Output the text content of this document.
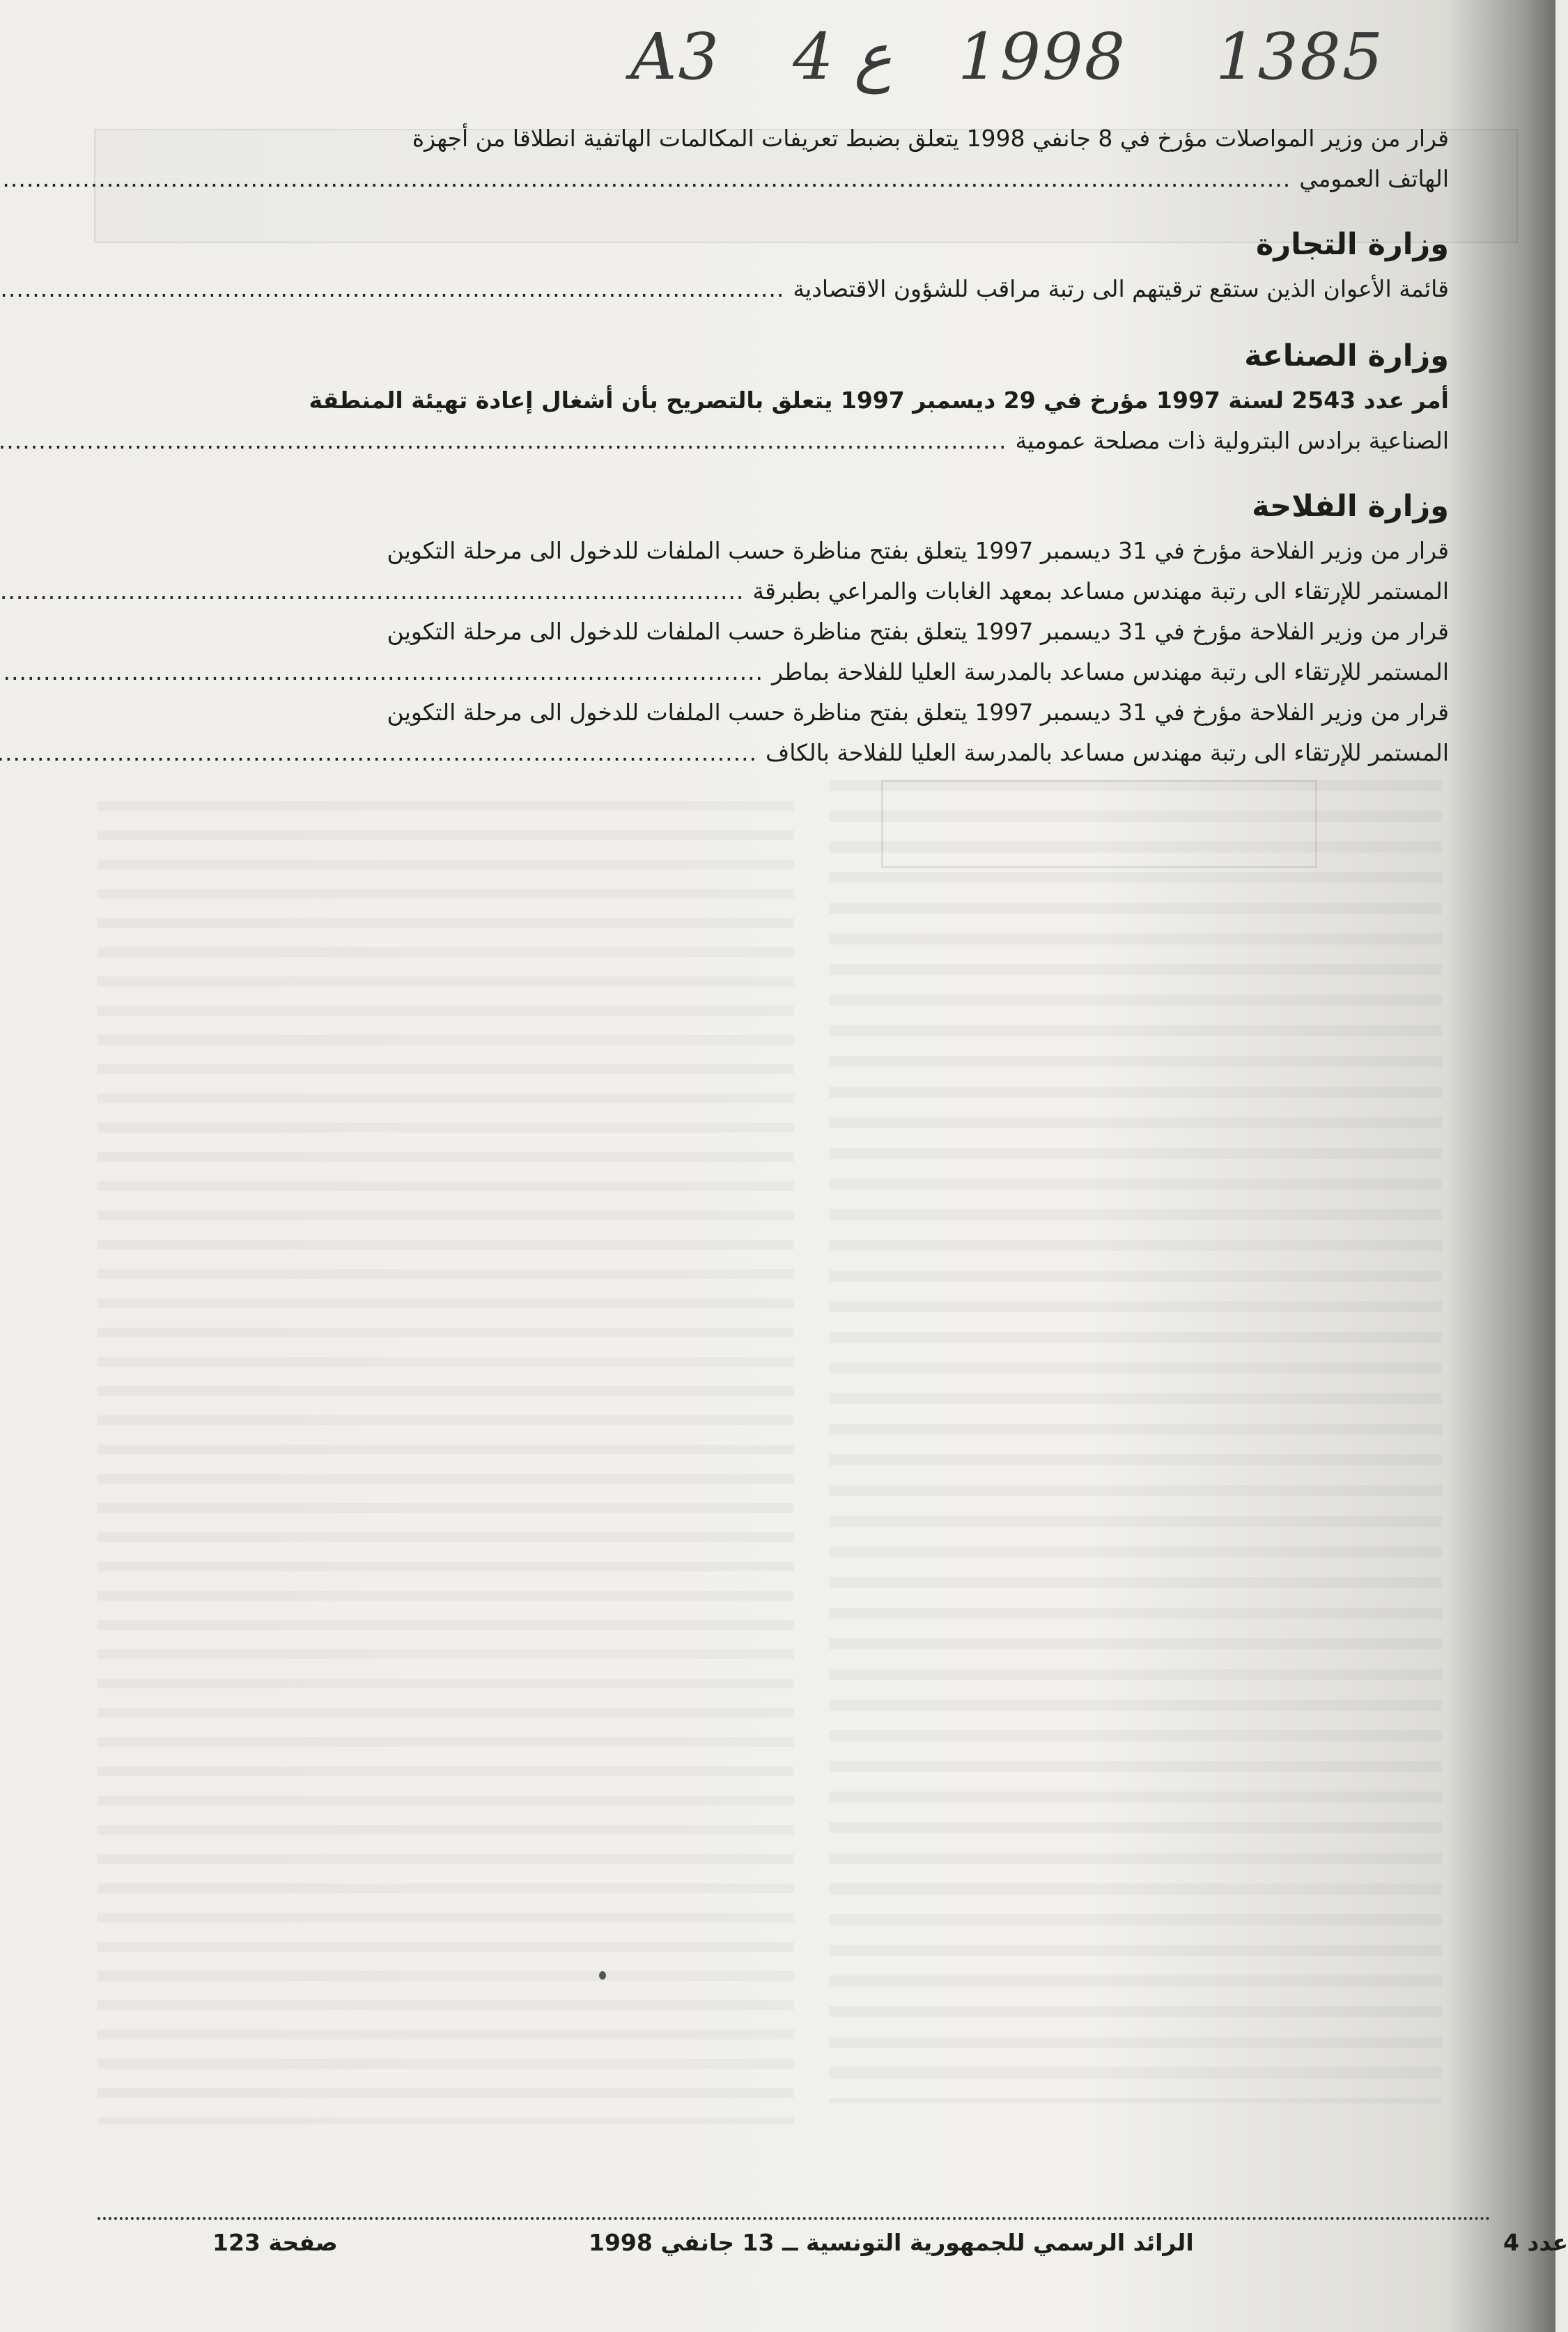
A3 4 ع 1998 1385
قرار من وزير المواصلات مؤرخ في 8 جانفي 1998 يتعلق بضبط تعريفات المكالمات الهاتفية انطلاقا من أجهزة
الهاتف العمومي
.....
وزارة التجارة
قائمة الأعوان الذين ستقع ترقيتهم الى رتبة مراقب للشؤون الاقتصادية
.....
وزارة الصناعة
أمر عدد 2543 لسنة 1997 مؤرخ في 29 ديسمبر 1997 يتعلق بالتصريح بأن أشغال إعادة تهيئة المنطقة
الصناعية برادس البترولية ذات مصلحة عمومية
.....
وزارة الفلاحة
قرار من وزير الفلاحة مؤرخ في 31 ديسمبر 1997 يتعلق بفتح مناظرة حسب الملفات للدخول الى مرحلة التكوين
المستمر للإرتقاء الى رتبة مهندس مساعد بمعهد الغابات والمراعي بطبرقة
.....
قرار من وزير الفلاحة مؤرخ في 31 ديسمبر 1997 يتعلق بفتح مناظرة حسب الملفات للدخول الى مرحلة التكوين
المستمر للإرتقاء الى رتبة مهندس مساعد بالمدرسة العليا للفلاحة بماطر
.....
قرار من وزير الفلاحة مؤرخ في 31 ديسمبر 1997 يتعلق بفتح مناظرة حسب الملفات للدخول الى مرحلة التكوين
المستمر للإرتقاء الى رتبة مهندس مساعد بالمدرسة العليا للفلاحة بالكاف
.....
صفحة 123	الرائد الرسمي للجمهورية التونسية ــ 13 جانفي 1998	عدد 4
